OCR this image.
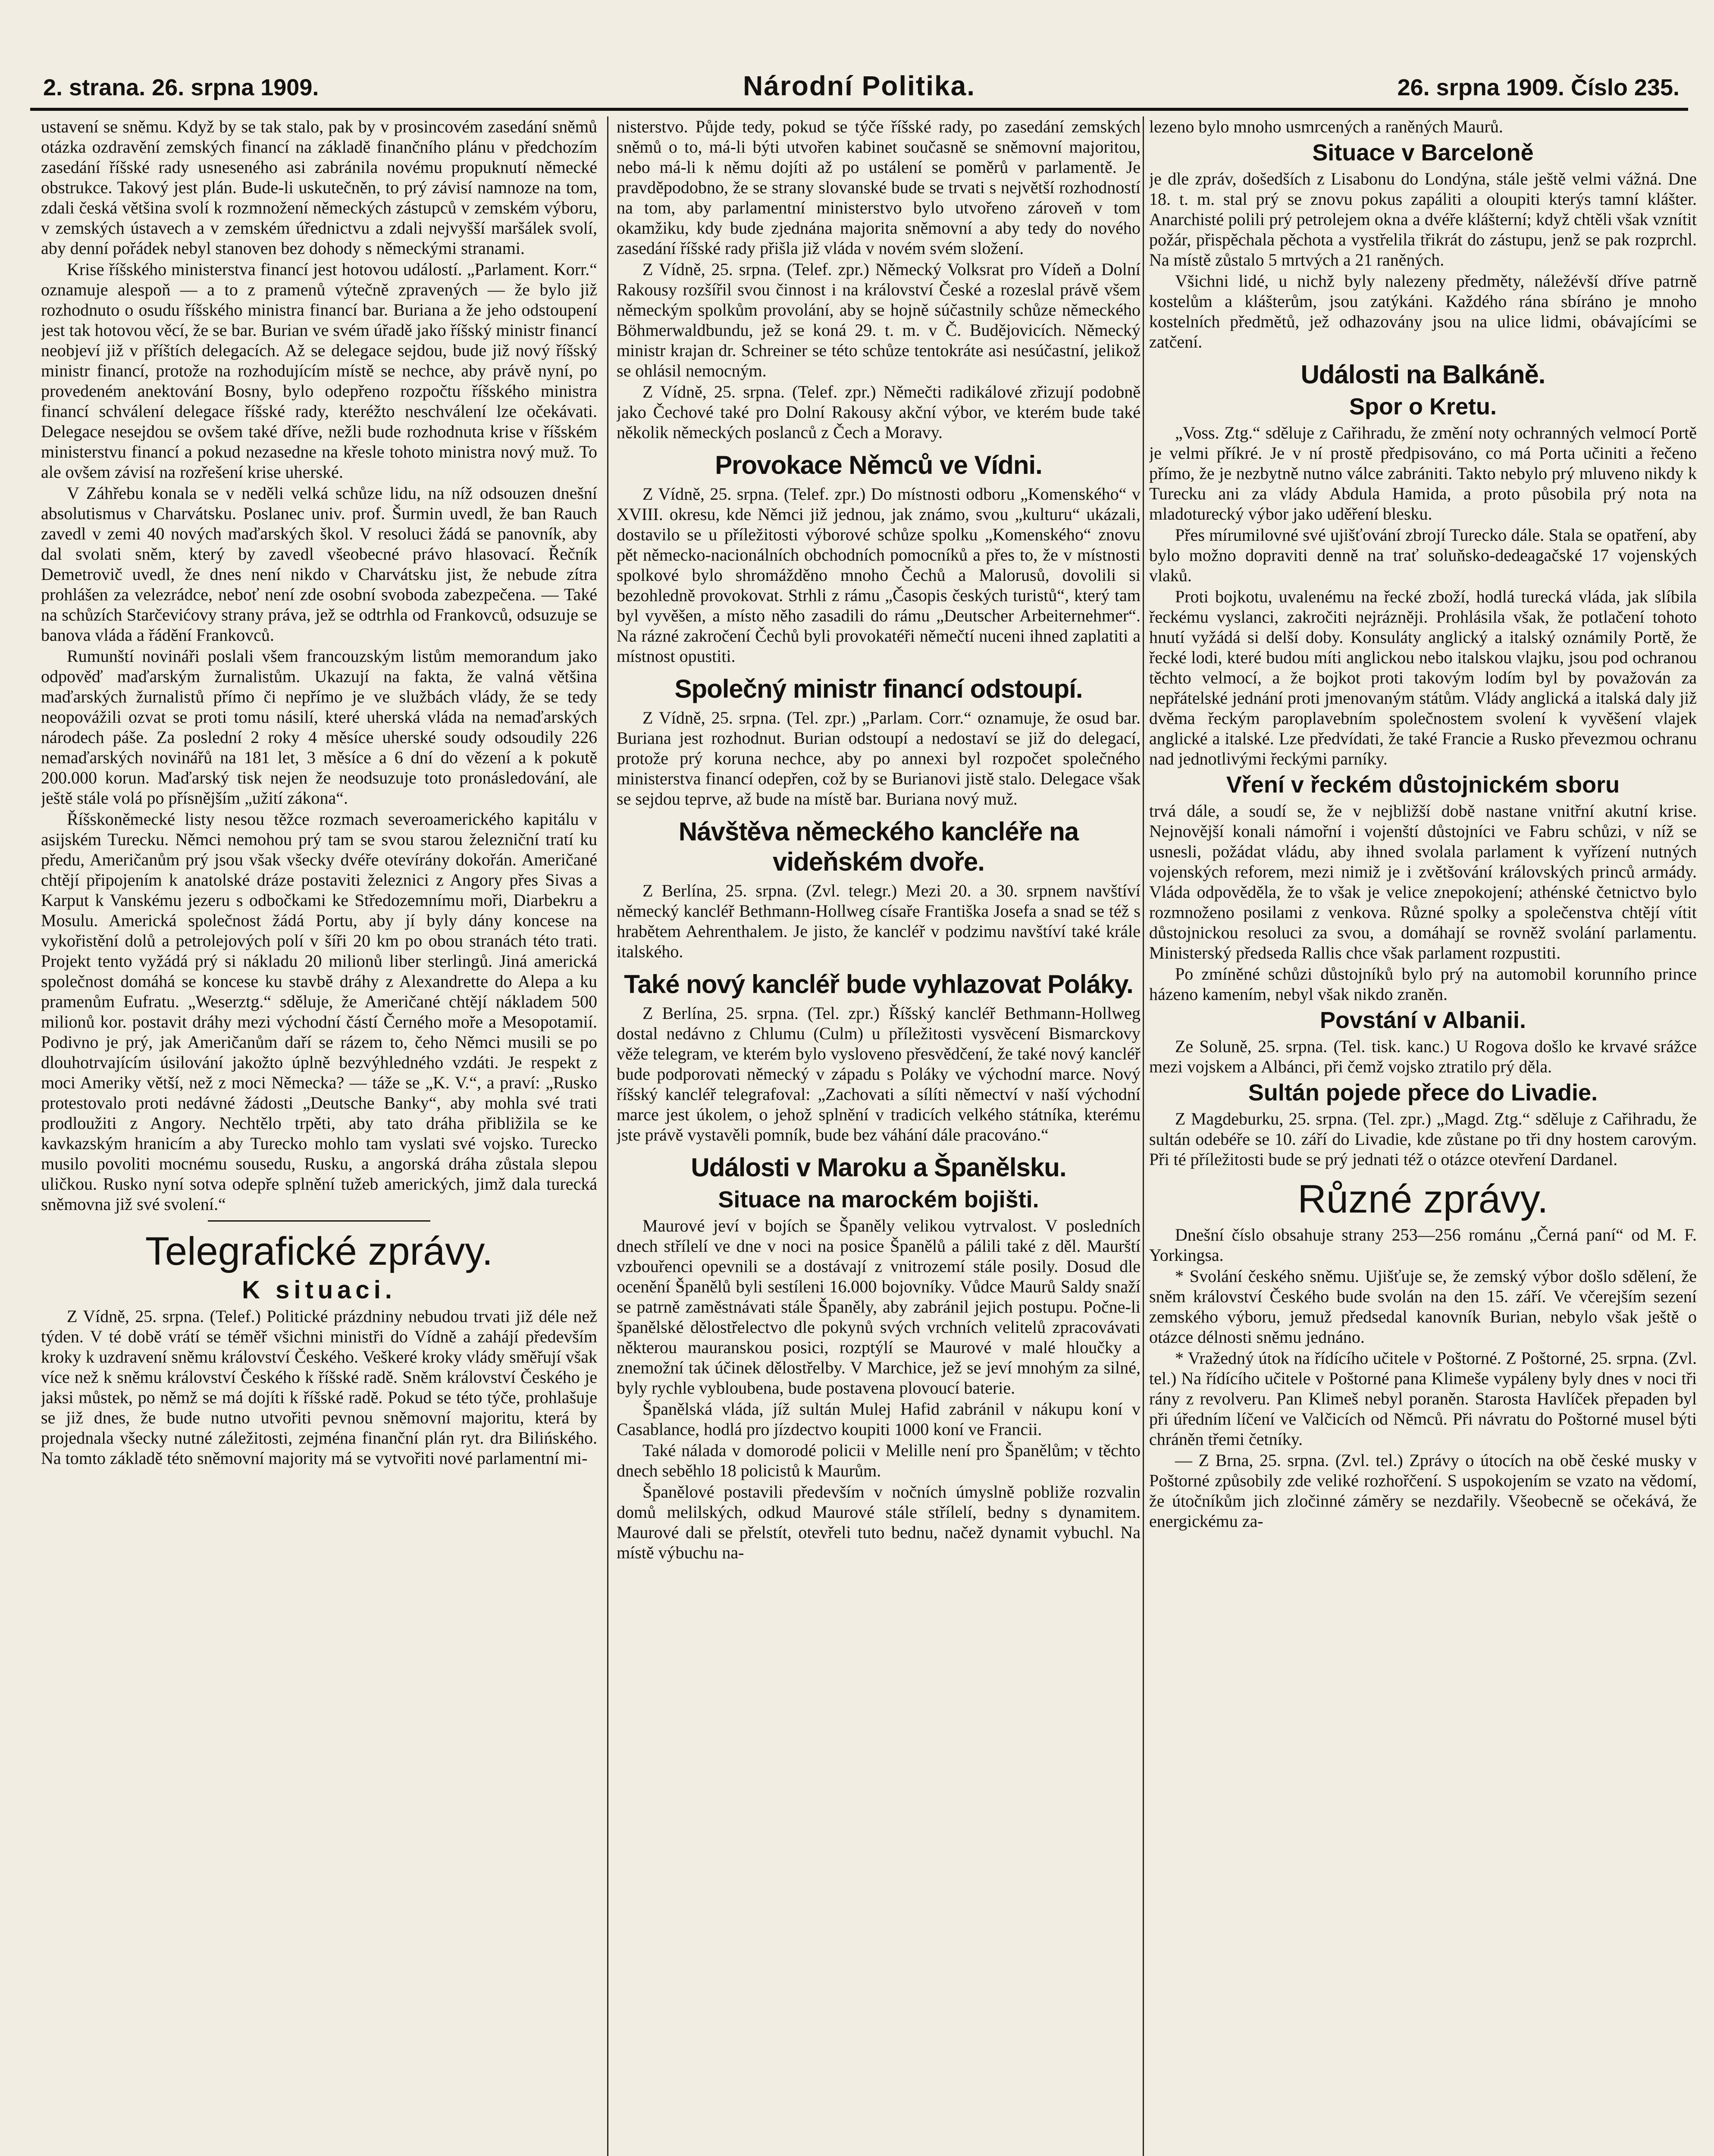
2. strana. 26. srpna 1909.	Národní Politika.	26. srpna 1909. Číslo 235.

ustavení se sněmu. Když by se tak stalo, pak by v prosincovém zasedání sněmů otázka ozdravění zemských financí na základě finančního plánu v předchozím zasedání říšské rady usneseného asi zabránila novému propuknutí německé obstrukce. Takový jest plán. Bude-li uskutečněn, to prý závisí namnoze na tom, zdali česká většina svolí k rozmnožení německých zástupců v zemském výboru, v zemských ústavech a v zemském úřednictvu a zdali nejvyšší maršálek svolí, aby denní pořádek nebyl stanoven bez dohody s německými stranami.

Krise říšského ministerstva financí jest hotovou událostí. „Parlament. Korr.“ oznamuje alespoň — a to z pramenů výtečně zpravených — že bylo již rozhodnuto o osudu říšského ministra financí bar. Buriana a že jeho odstoupení jest tak hotovou věcí, že se bar. Burian ve svém úřadě jako říšský ministr financí neobjeví již v příštích delegacích. Až se delegace sejdou, bude již nový říšský ministr financí, protože na rozhodujícím místě se nechce, aby právě nyní, po provedeném anektování Bosny, bylo odepřeno rozpočtu říšského ministra financí schválení delegace říšské rady, kteréžto neschválení lze očekávati. Delegace nesejdou se ovšem také dříve, nežli bude rozhodnuta krise v říšském ministerstvu financí a pokud nezasedne na křesle tohoto ministra nový muž. To ale ovšem závisí na rozřešení krise uherské.

V Záhřebu konala se v neděli velká schůze lidu, na níž odsouzen dnešní absolutismus v Charvátsku. Poslanec univ. prof. Šurmin uvedl, že ban Rauch zavedl v zemi 40 nových maďarských škol. V resoluci žádá se panovník, aby dal svolati sněm, který by zavedl všeobecné právo hlasovací. Řečník Demetrovič uvedl, že dnes není nikdo v Charvátsku jist, že nebude zítra prohlášen za velezrádce, neboť není zde osobní svoboda zabezpečena. — Také na schůzích Starčevićovy strany práva, jež se odtrhla od Frankovců, odsuzuje se banova vláda a řádění Frankovců.

Rumunští novináři poslali všem francouzským listům memorandum jako odpověď maďarským žurnalistům. Ukazují na fakta, že valná většina maďarských žurnalistů přímo či nepřímo je ve službách vlády, že se tedy neopovážili ozvat se proti tomu násilí, které uherská vláda na nemaďarských národech páše. Za poslední 2 roky 4 měsíce uherské soudy odsoudily 226 nemaďarských novinářů na 181 let, 3 měsíce a 6 dní do vězení a k pokutě 200.000 korun. Maďarský tisk nejen že neodsuzuje toto pronásledování, ale ještě stále volá po přísnějším „užití zákona“.

Říšskoněmecké listy nesou těžce rozmach severoamerického kapitálu v asijském Turecku. Němci nemohou prý tam se svou starou železniční tratí ku předu, Američanům prý jsou však všecky dvéře otevírány dokořán. Američané chtějí připojením k anatolské dráze postaviti železnici z Angory přes Sivas a Karput k Vanskému jezeru s odbočkami ke Středozemnímu moři, Diarbekru a Mosulu. Americká společnost žádá Portu, aby jí byly dány koncese na vykořistění dolů a petrolejových polí v šíři 20 km po obou stranách této trati. Projekt tento vyžádá prý si nákladu 20 milionů liber sterlingů. Jiná americká společnost domáhá se koncese ku stavbě dráhy z Alexandrette do Alepa a ku pramenům Eufratu. „Weserztg.“ sděluje, že Američané chtějí nákladem 500 milionů kor. postavit dráhy mezi východní částí Černého moře a Mesopotamií. Podivno je prý, jak Američanům daří se rázem to, čeho Němci musili se po dlouhotrvajícím úsilování jakožto úplně bezvýhledného vzdáti. Je respekt z moci Ameriky větší, než z moci Německa? — táže se „K. V.“, a praví: „Rusko protestovalo proti nedávné žádosti „Deutsche Banky“, aby mohla své trati prodloužiti z Angory. Nechtělo trpěti, aby tato dráha přibližila se ke kavkazským hranicím a aby Turecko mohlo tam vyslati své vojsko. Turecko musilo povoliti mocnému sousedu, Rusku, a angorská dráha zůstala slepou uličkou. Rusko nyní sotva odepře splnění tužeb amerických, jimž dala turecká sněmovna již své svolení.“

Telegrafické zprávy.
K situaci.

Z Vídně, 25. srpna. (Telef.) Politické prázdniny nebudou trvati již déle než týden. V té době vrátí se téměř všichni ministři do Vídně a zahájí především kroky k uzdravení sněmu království Českého. Veškeré kroky vlády směřují však více než k sněmu království Českého k říšské radě. Sněm království Českého je jaksi můstek, po němž se má dojíti k říšské radě. Pokud se této týče, prohlašuje se již dnes, že bude nutno utvořiti pevnou sněmovní majoritu, která by projednala všecky nutné záležitosti, zejména finanční plán ryt. dra Bilińského. Na tomto základě této sněmovní majority má se vytvořiti nové parlamentní mi-

nisterstvo. Půjde tedy, pokud se týče říšské rady, po zasedání zemských sněmů o to, má-li býti utvořen kabinet současně se sněmovní majoritou, nebo má-li k němu dojíti až po ustálení se poměrů v parlamentě. Je pravděpodobno, že se strany slovanské bude se trvati s největší rozhodností na tom, aby parlamentní ministerstvo bylo utvořeno zároveň v tom okamžiku, kdy bude zjednána majorita sněmovní a aby tedy do nového zasedání říšské rady přišla již vláda v novém svém složení.

Z Vídně, 25. srpna. (Telef. zpr.) Německý Volksrat pro Vídeň a Dolní Rakousy rozšířil svou činnost i na království České a rozeslal právě všem německým spolkům provolání, aby se hojně súčastnily schůze německého Böhmerwaldbundu, jež se koná 29. t. m. v Č. Budějovicích. Německý ministr krajan dr. Schreiner se této schůze tentokráte asi nesúčastní, jelikož se ohlásil nemocným.

Z Vídně, 25. srpna. (Telef. zpr.) Němečti radikálové zřizují podobně jako Čechové také pro Dolní Rakousy akční výbor, ve kterém bude také několik německých poslanců z Čech a Moravy.

Provokace Němců ve Vídni.

Z Vídně, 25. srpna. (Telef. zpr.) Do místnosti odboru „Komenského“ v XVIII. okresu, kde Němci již jednou, jak známo, svou „kulturu“ ukázali, dostavilo se u příležitosti výborové schůze spolku „Komenského“ znovu pět německo-nacionálních obchodních pomocníků a přes to, že v místnosti spolkové bylo shromážděno mnoho Čechů a Malorusů, dovolili si bezohledně provokovat. Strhli z rámu „Časopis českých turistů“, který tam byl vyvěšen, a místo něho zasadili do rámu „Deutscher Arbeiternehmer“. Na rázné zakročení Čechů byli provokatéři němečtí nuceni ihned zaplatiti a místnost opustiti.

Společný ministr financí odstoupí.

Z Vídně, 25. srpna. (Tel. zpr.) „Parlam. Corr.“ oznamuje, že osud bar. Buriana jest rozhodnut. Burian odstoupí a nedostaví se již do delegací, protože prý koruna nechce, aby po annexi byl rozpočet společného ministerstva financí odepřen, což by se Burianovi jistě stalo. Delegace však se sejdou teprve, až bude na místě bar. Buriana nový muž.

Návštěva německého kancléře na videňském dvoře.

Z Berlína, 25. srpna. (Zvl. telegr.) Mezi 20. a 30. srpnem navštíví německý kancléř Bethmann-Hollweg císaře Františka Josefa a snad se též s hrabětem Aehrenthalem. Je jisto, že kancléř v podzimu navštíví také krále italského.

Také nový kancléř bude vyhlazovat Poláky.

Z Berlína, 25. srpna. (Tel. zpr.) Říšský kancléř Bethmann-Hollweg dostal nedávno z Chlumu (Culm) u příležitosti vysvěcení Bismarckovy věže telegram, ve kterém bylo vysloveno přesvědčení, že také nový kancléř bude podporovati německý v západu s Poláky ve východní marce. Nový říšský kancléř telegrafoval: „Zachovati a sílíti němectví v naší východní marce jest úkolem, o jehož splnění v tradicích velkého státníka, kterému jste právě vystavěli pomník, bude bez váhání dále pracováno.“

Události v Maroku a Španělsku.
Situace na marockém bojišti.

Maurové jeví v bojích se Španěly velikou vytrvalost. V posledních dnech střílelí ve dne v noci na posice Španělů a pálili také z děl. Maurští vzbouřenci opevnili se a dostávají z vnitrozemí stále posily. Dosud dle ocenění Španělů byli sestíleni 16.000 bojovníky. Vůdce Maurů Saldy snaží se patrně zaměstnávati stále Španěly, aby zabránil jejich postupu. Počne-li španělské dělostřelectvo dle pokynů svých vrchních velitelů zpracovávati některou mauranskou posici, rozptýlí se Maurové v malé hloučky a znemožní tak účinek dělostřelby. V Marchice, jež se jeví mnohým za silné, byly rychle vybloubena, bude postavena plovoucí baterie.

Španělská vláda, jíž sultán Mulej Hafid zabránil v nákupu koní v Casablance, hodlá pro jízdectvo koupiti 1000 koní ve Francii.

Také nálada v domorodé policii v Melille není pro Španělům; v těchto dnech seběhlo 18 policistů k Maurům.

Španělové postavili především v nočních úmyslně pobliže rozvalin domů melilských, odkud Maurové stále střílelí, bedny s dynamitem. Maurové dali se přelstít, otevřeli tuto bednu, načež dynamit vybuchl. Na místě výbuchu na-

lezeno bylo mnoho usmrcených a raněných Maurů.

Situace v Barceloně

je dle zpráv, došedších z Lisabonu do Londýna, stále ještě velmi vážná. Dne 18. t. m. stal prý se znovu pokus zapáliti a oloupiti kterýs tamní klášter. Anarchisté polili prý petrolejem okna a dvéře klášterní; když chtěli však vznítit požár, přispěchala pěchota a vystřelila třikrát do zástupu, jenž se pak rozprchl. Na místě zůstalo 5 mrtvých a 21 raněných.

Všichni lidé, u nichž byly nalezeny předměty, náležévší dříve patrně kostelům a klášterům, jsou zatýkáni. Každého rána sbíráno je mnoho kostelních předmětů, jež odhazovány jsou na ulice lidmi, obávajícími se zatčení.

Události na Balkáně.
Spor o Kretu.

„Voss. Ztg.“ sděluje z Cařihradu, že změní noty ochranných velmocí Portě je velmi příkré. Je v ní prostě předpisováno, co má Porta učiniti a řečeno přímo, že je nezbytně nutno válce zabrániti. Takto nebylo prý mluveno nikdy k Turecku ani za vlády Abdula Hamida, a proto působila prý nota na mladoturecký výbor jako uděření blesku.

Přes mírumilovné své ujišťování zbrojí Turecko dále. Stala se opatření, aby bylo možno dopraviti denně na trať soluňsko-dedeagačské 17 vojenských vlaků.

Proti bojkotu, uvalenému na řecké zboží, hodlá turecká vláda, jak slíbila řeckému vyslanci, zakročiti nejrázněji. Prohlásila však, že potlačení tohoto hnutí vyžádá si delší doby. Konsuláty anglický a italský oznámily Portě, že řecké lodi, které budou míti anglickou nebo italskou vlajku, jsou pod ochranou těchto velmocí, a že bojkot proti takovým lodím byl by považován za nepřátelské jednání proti jmenovaným státům. Vlády anglická a italská daly již dvěma řeckým paroplavebním společnostem svolení k vyvěšení vlajek anglické a italské. Lze předvídati, že také Francie a Rusko převezmou ochranu nad jednotlivými řeckými parníky.

Vření v řeckém důstojnickém sboru

trvá dále, a soudí se, že v nejbližší době nastane vnitřní akutní krise. Nejnovější konali námořní i vojenští důstojníci ve Fabru schůzi, v níž se usnesli, požádat vládu, aby ihned svolala parlament k vyřízení nutných vojenských reforem, mezi nimiž je i zvětšování královských princů armády. Vláda odpověděla, že to však je velice znepokojení; athénské četnictvo bylo rozmnoženo posilami z venkova. Různé spolky a společenstva chtějí vítit důstojnickou resoluci za svou, a domáhají se rovněž svolání parlamentu. Ministerský předseda Rallis chce však parlament rozpustiti.

Po zmíněné schůzi důstojníků bylo prý na automobil korunního prince házeno kamením, nebyl však nikdo zraněn.

Povstání v Albanii.

Ze Soluně, 25. srpna. (Tel. tisk. kanc.) U Rogova došlo ke krvavé srážce mezi vojskem a Albánci, při čemž vojsko ztratilo prý děla.

Sultán pojede přece do Livadie.

Z Magdeburku, 25. srpna. (Tel. zpr.) „Magd. Ztg.“ sděluje z Cařihradu, že sultán odebéře se 10. září do Livadie, kde zůstane po tři dny hostem carovým. Při té příležitosti bude se prý jednati též o otázce otevření Dardanel.

Různé zprávy.

Dnešní číslo obsahuje strany 253—256 románu „Černá paní“ od M. F. Yorkingsa.

* Svolání českého sněmu. Ujišťuje se, že zemský výbor došlo sdělení, že sněm království Českého bude svolán na den 15. září. Ve včerejším sezení zemského výboru, jemuž předsedal kanovník Burian, nebylo však ještě o otázce délnosti sněmu jednáno.

* Vražedný útok na řídícího učitele v Poštorné. Z Poštorné, 25. srpna. (Zvl. tel.) Na řídícího učitele v Poštorné pana Klimeše vypáleny byly dnes v noci tři rány z revolveru. Pan Klimeš nebyl poraněn. Starosta Havlíček přepaden byl při úředním líčení ve Valčicích od Němců. Při návratu do Poštorné musel býti chráněn třemi četníky.

— Z Brna, 25. srpna. (Zvl. tel.) Zprávy o útocích na obě české musky v Poštorné způsobily zde veliké rozhořčení. S uspokojením se vzato na vědomí, že útočníkům jich zločinné záměry se nezdařily. Všeobecně se očekává, že energickému za-
